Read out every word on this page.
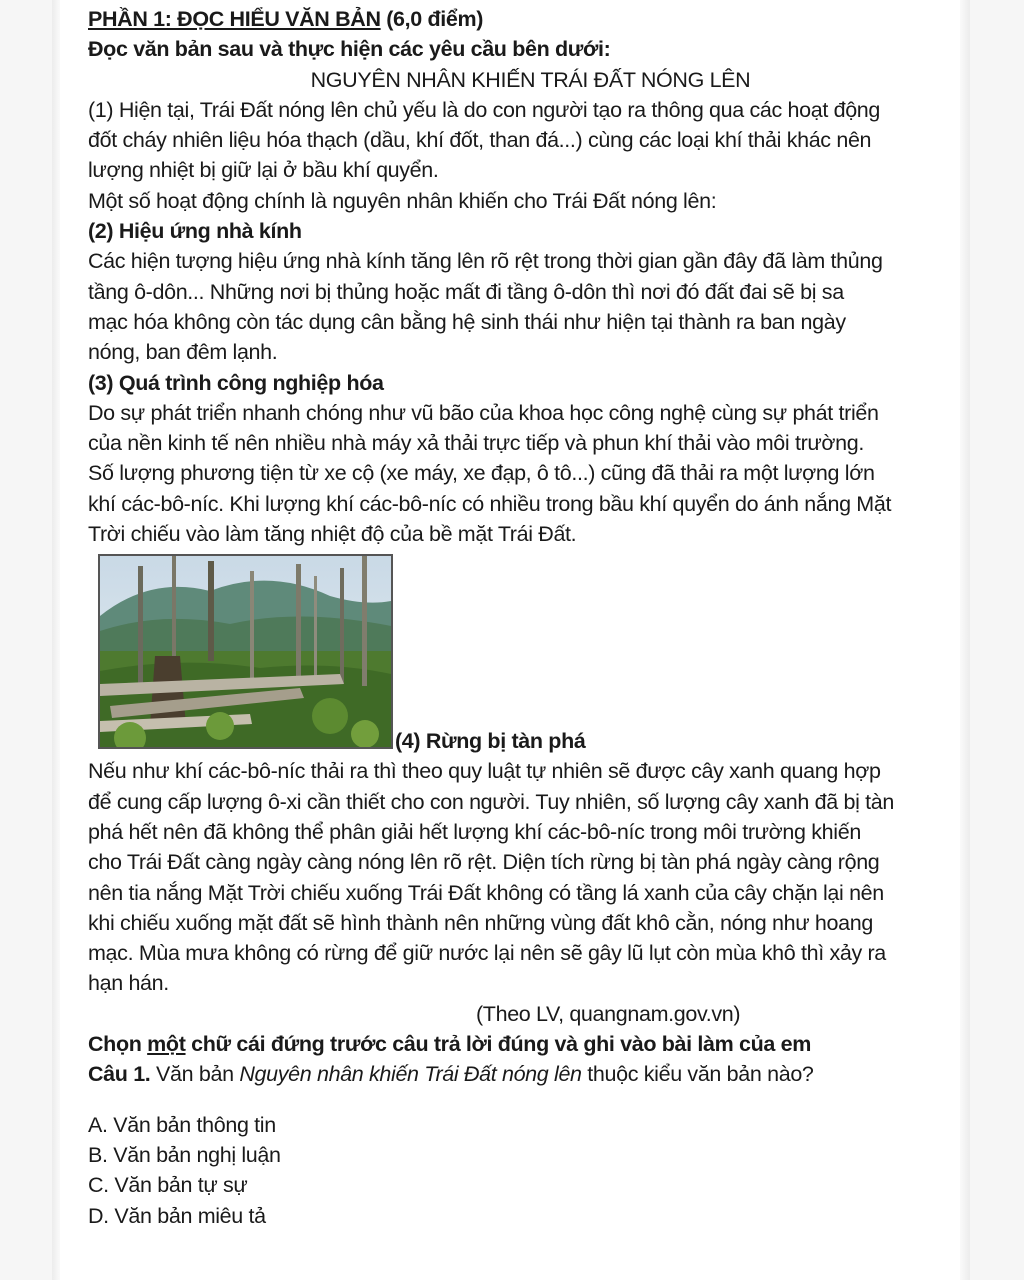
PHẦN 1: ĐỌC HIỂU VĂN BẢN (6,0 điểm)
Đọc văn bản sau và thực hiện các yêu cầu bên dưới:
NGUYÊN NHÂN KHIẾN TRÁI ĐẤT NÓNG LÊN
(1) Hiện tại, Trái Đất nóng lên chủ yếu là do con người tạo ra thông qua các hoạt động
đốt cháy nhiên liệu hóa thạch (dầu, khí đốt, than đá...) cùng các loại khí thải khác nên
lượng nhiệt bị giữ lại ở bầu khí quyển.
Một số hoạt động chính là nguyên nhân khiến cho Trái Đất nóng lên:
(2) Hiệu ứng nhà kính
Các hiện tượng hiệu ứng nhà kính tăng lên rõ rệt trong thời gian gần đây đã làm thủng
tầng ô-dôn... Những nơi bị thủng hoặc mất đi tầng ô-dôn thì nơi đó đất đai sẽ bị sa
mạc hóa không còn tác dụng cân bằng hệ sinh thái như hiện tại thành ra ban ngày
nóng, ban đêm lạnh.
(3) Quá trình công nghiệp hóa
Do sự phát triển nhanh chóng như vũ bão của khoa học công nghệ cùng sự phát triển
của nền kinh tế nên nhiều nhà máy xả thải trực tiếp và phun khí thải vào môi trường.
Số lượng phương tiện từ xe cộ (xe máy, xe đạp, ô tô...) cũng đã thải ra một lượng lớn
khí các-bô-níc. Khi lượng khí các-bô-níc có nhiều trong bầu khí quyển do ánh nắng Mặt
Trời chiếu vào làm tăng nhiệt độ của bề mặt Trái Đất.
(4) Rừng bị tàn phá
Nếu như khí các-bô-níc thải ra thì theo quy luật tự nhiên sẽ được cây xanh quang hợp
để cung cấp lượng ô-xi cần thiết cho con người. Tuy nhiên, số lượng cây xanh đã bị tàn
phá hết nên đã không thể phân giải hết lượng khí các-bô-níc trong môi trường khiến
cho Trái Đất càng ngày càng nóng lên rõ rệt. Diện tích rừng bị tàn phá ngày càng rộng
nên tia nắng Mặt Trời chiếu xuống Trái Đất không có tầng lá xanh của cây chặn lại nên
khi chiếu xuống mặt đất sẽ hình thành nên những vùng đất khô cằn, nóng như hoang
mạc. Mùa mưa không có rừng để giữ nước lại nên sẽ gây lũ lụt còn mùa khô thì xảy ra
hạn hán.
(Theo LV, quangnam.gov.vn)
Chọn một chữ cái đứng trước câu trả lời đúng và ghi vào bài làm của em
Câu 1. Văn bản Nguyên nhân khiến Trái Đất nóng lên thuộc kiểu văn bản nào?
A. Văn bản thông tin
B. Văn bản nghị luận
C. Văn bản tự sự
D. Văn bản miêu tả
